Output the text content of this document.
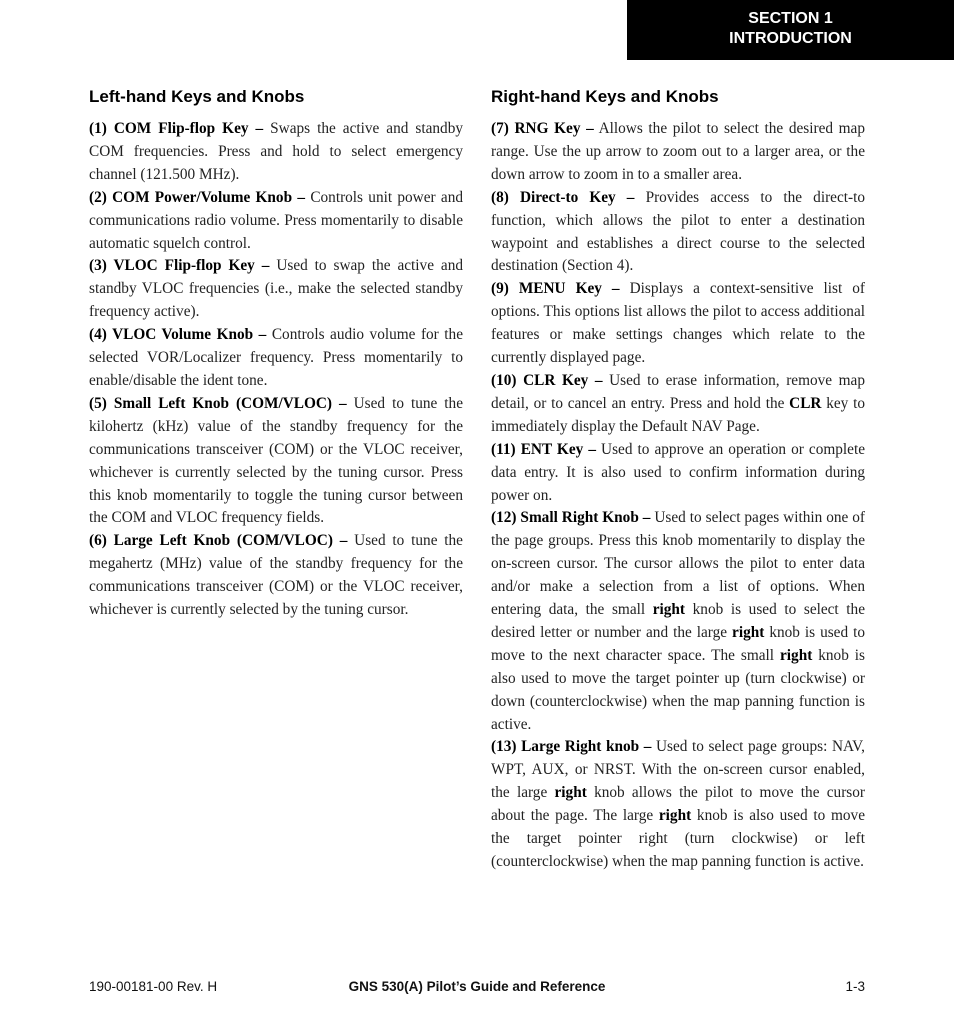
SECTION 1
INTRODUCTION
Left-hand Keys and Knobs

(1) COM Flip-flop Key – Swaps the active and standby COM frequencies. Press and hold to select emergency channel (121.500 MHz).

(2) COM Power/Volume Knob – Controls unit power and communications radio volume. Press momentarily to disable automatic squelch control.

(3) VLOC Flip-flop Key – Used to swap the active and standby VLOC frequencies (i.e., make the selected standby frequency active).

(4) VLOC Volume Knob – Controls audio volume for the selected VOR/Localizer frequency. Press momentarily to enable/disable the ident tone.

(5) Small Left Knob (COM/VLOC) – Used to tune the kilohertz (kHz) value of the standby frequency for the communications transceiver (COM) or the VLOC receiver, whichever is currently selected by the tuning cursor. Press this knob momentarily to toggle the tuning cursor between the COM and VLOC frequency fields.

(6) Large Left Knob (COM/VLOC) – Used to tune the megahertz (MHz) value of the standby frequency for the communications transceiver (COM) or the VLOC receiver, whichever is currently selected by the tuning cursor.

Right-hand Keys and Knobs

(7) RNG Key – Allows the pilot to select the desired map range. Use the up arrow to zoom out to a larger area, or the down arrow to zoom in to a smaller area.

(8) Direct-to Key – Provides access to the direct-to function, which allows the pilot to enter a destination waypoint and establishes a direct course to the selected destination (Section 4).

(9) MENU Key – Displays a context-sensitive list of options. This options list allows the pilot to access additional features or make settings changes which relate to the currently displayed page.

(10) CLR Key – Used to erase information, remove map detail, or to cancel an entry. Press and hold the CLR key to immediately display the Default NAV Page.

(11) ENT Key – Used to approve an operation or complete data entry. It is also used to confirm information during power on.

(12) Small Right Knob – Used to select pages within one of the page groups. Press this knob momentarily to display the on-screen cursor. The cursor allows the pilot to enter data and/or make a selection from a list of options. When entering data, the small right knob is used to select the desired letter or number and the large right knob is used to move to the next character space. The small right knob is also used to move the target pointer up (turn clockwise) or down (counterclockwise) when the map panning function is active.

(13) Large Right knob – Used to select page groups: NAV, WPT, AUX, or NRST. With the on-screen cursor enabled, the large right knob allows the pilot to move the cursor about the page. The large right knob is also used to move the target pointer right (turn clockwise) or left (counterclockwise) when the map panning function is active.

190-00181-00 Rev. H	GNS 530(A) Pilot’s Guide and Reference	1-3
